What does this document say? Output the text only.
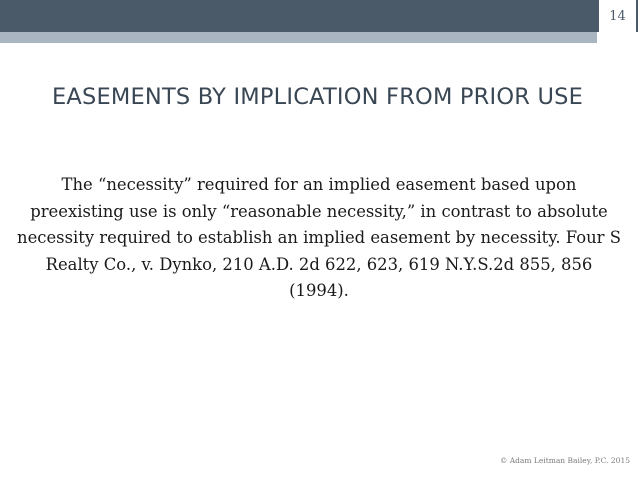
14
EASEMENTS BY IMPLICATION FROM PRIOR USE
The “necessity” required for an implied easement based upon preexisting use is only “reasonable necessity,” in contrast to absolute necessity required to establish an implied easement by necessity. Four S Realty Co., v. Dynko, 210 A.D. 2d 622, 623, 619 N.Y.S.2d 855, 856 (1994).
© Adam Leitman Bailey, P.C. 2015
